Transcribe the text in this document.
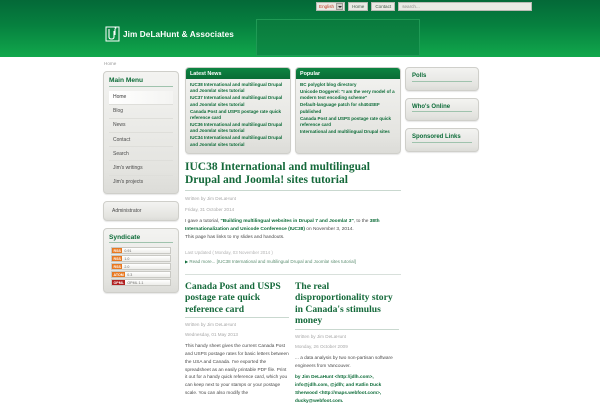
English	Home	Contact	search...
Jim DeLaHunt & Associates
Home
Main Menu
Home
Blog
News
Contact
Search
Jim's writings
Jim's projects
Administrator
Syndicate
RSS 0.91
RSS 1.0
RSS 2.0
ATOM 0.3
OPML OPML 1.1
Latest News
IUC38 International and multilingual Drupal and Joomla! sites tutorial
IUC37 International and multilingual Drupal and Joomla! sites tutorial
Canada Post and USPS postage rate quick reference card
IUC36 International and multilingual Drupal and Joomla! sites tutorial
IUC34 International and multilingual Drupal and Joomla! sites tutorial
Popular
BC polyglot blog directory
Unicode Doggerel: "I am the very model of a modern text encoding scheme"
Default-language patch for sh404SEF published
Canada Post and USPS postage rate quick reference card
International and multilingual Drupal sites
IUC38 International and multilingual Drupal and Joomla! sites tutorial
Written by Jim DeLaHunt
Friday, 31 October 2014
I gave a tutorial, "Building multilingual websites in Drupal 7 and Joomla! 3", to the 38th Internationalization and Unicode Conference (IUC38) on November 3, 2014.
This page has links to my slides and handouts.
Last Updated ( Monday, 03 November 2014 )
▶ Read more... [IUC38 International and multilingual Drupal and Joomla! sites tutorial]
Canada Post and USPS postage rate quick reference card
Written by Jim DeLaHunt
Wednesday, 01 May 2013
This handy sheet gives the current Canada Post and USPS postage rates for basic letters between the USA and Canada. I've exported the spreadsheet as an easily printable PDF file. Print it out for a handy quick reference card, which you can keep next to your stamps or your postage scale. You can also modify the
The real disproportionality story in Canada's stimulus money
Written by Jim DeLaHunt
Monday, 26 October 2009
... a data analysis by two non-partisan software engineers from Vancouver.
by Jim DeLaHunt <http://jdlh.com>, info@jdlh.com, @jdlh; and Katlin Duck Sherwood <http://maps.webfoot.com>, ducky@webfoot.com.
Polls
Who's Online
Sponsored Links
